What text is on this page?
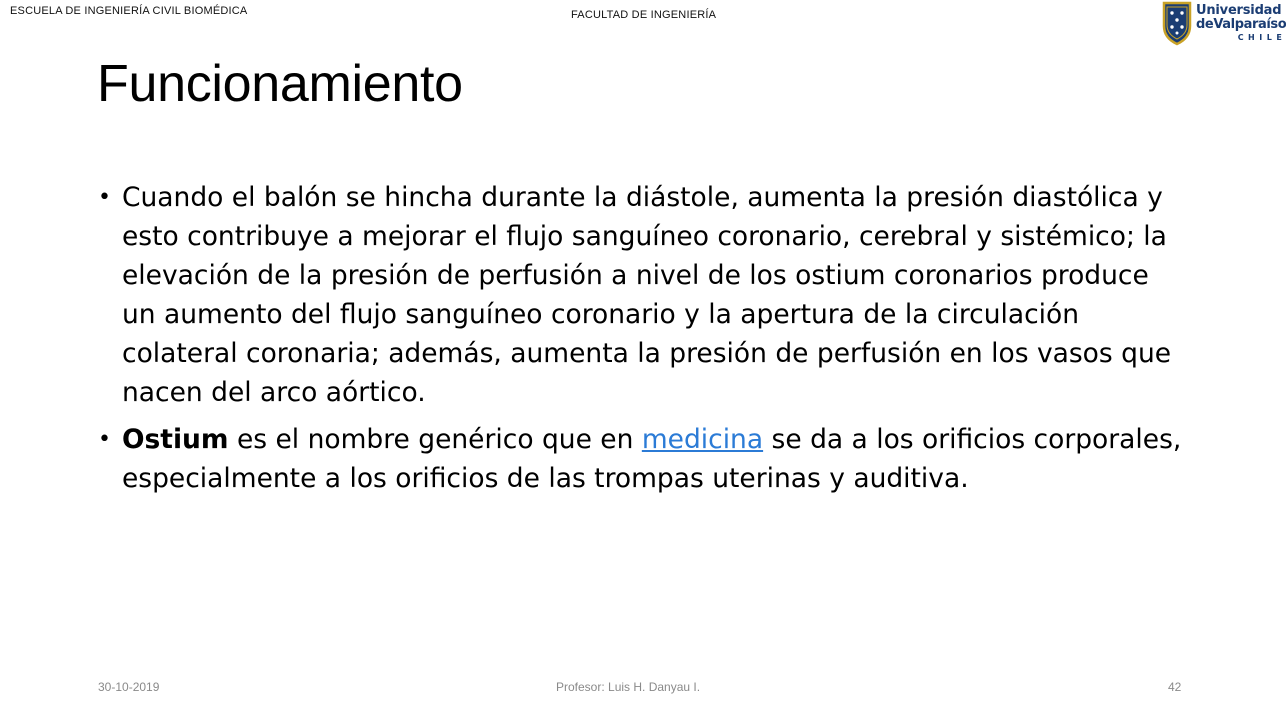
ESCUELA DE INGENIERÍA CIVIL BIOMÉDICA	FACULTAD DE INGENIERÍA	Universidad
deValparaíso
CHILE
Funcionamiento
• Cuando el balón se hincha durante la diástole, aumenta la presión diastólica y esto contribuye a mejorar el flujo sanguíneo coronario, cerebral y sistémico; la elevación de la presión de perfusión a nivel de los ostium coronarios produce un aumento del flujo sanguíneo coronario y la apertura de la circulación colateral coronaria; además, aumenta la presión de perfusión en los vasos que nacen del arco aórtico.
• Ostium es el nombre genérico que en medicina se da a los orificios corporales, especialmente a los orificios de las trompas uterinas y auditiva.
30-10-2019	Profesor: Luis H. Danyau I.	42
